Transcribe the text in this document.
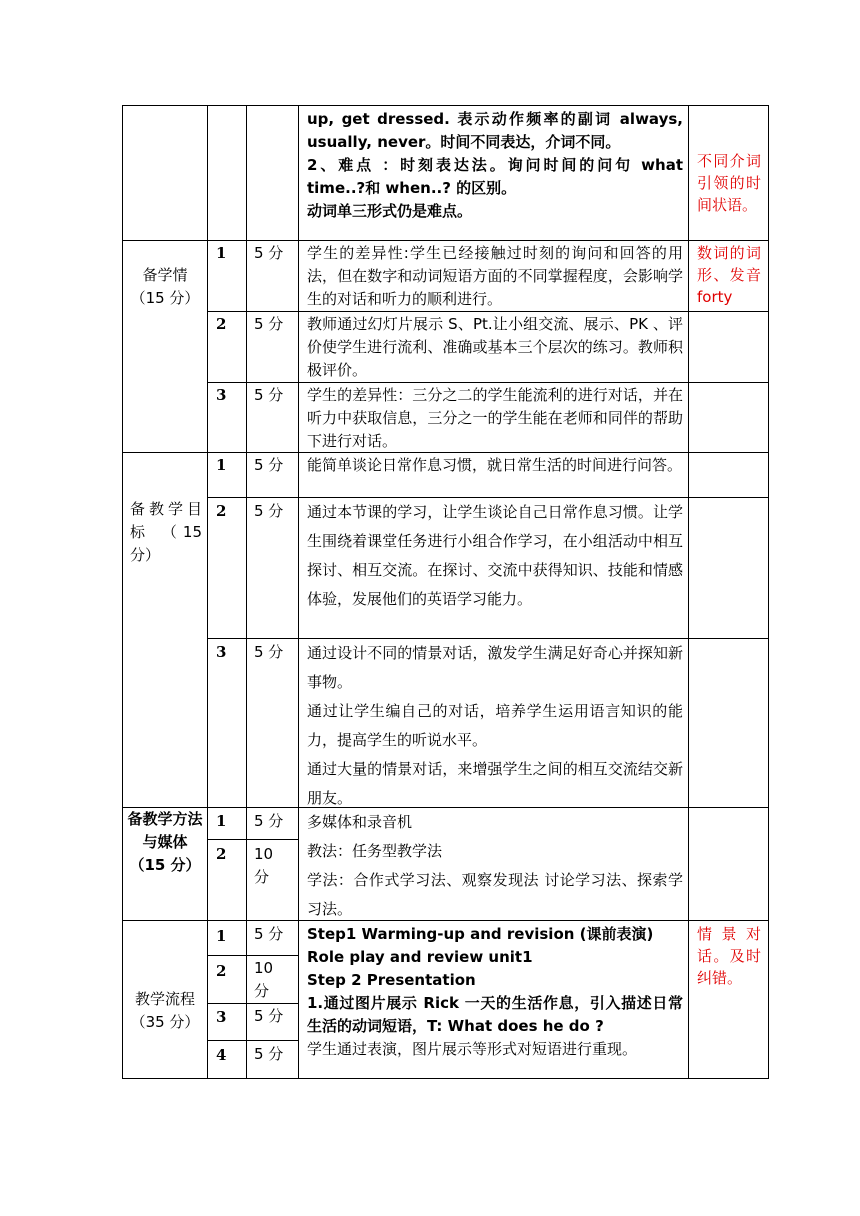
up, get dressed. 表示动作频率的副词 always, usually, never。时间不同表达，介词不同。

2、难点 ：时刻表达法。询问时间的问句 what time..?和 when..? 的区别。

动词单三形式仍是难点。

不同介词引领的时间状语。
备学情（15 分）
1 5 分 学生的差异性:学生已经接触过时刻的询问和回答的用法，但在数字和动词短语方面的不同掌握程度，会影响学生的对话和听力的顺利进行。
数词的词形、发音 forty
2 5 分 教师通过幻灯片展示 S、Pt.让小组交流、展示、PK 、评价使学生进行流利、准确或基本三个层次的练习。教师积极评价。
3 5 分 学生的差异性：三分之二的学生能流利的进行对话，并在听力中获取信息，三分之一的学生能在老师和同伴的帮助下进行对话。
备教学目标 （15 分）
1 5 分 能简单谈论日常作息习惯，就日常生活的时间进行问答。
2 5 分 通过本节课的学习，让学生谈论自己日常作息习惯。让学生围绕着课堂任务进行小组合作学习，在小组活动中相互探讨、相互交流。在探讨、交流中获得知识、技能和情感体验，发展他们的英语学习能力。
3 5 分 通过设计不同的情景对话，激发学生满足好奇心并探知新事物。

通过让学生编自己的对话，培养学生运用语言知识的能力，提高学生的听说水平。

通过大量的情景对话，来增强学生之间的相互交流结交新朋友。

备教学方法与媒体（15 分）
1 5 分
2 10 分

多媒体和录音机

教法：任务型教学法

学法：合作式学习法、观察发现法 讨论学习法、探索学习法。

教学流程（35 分）
1 5 分
2 10 分
3 5 分
4 5 分

Step1 Warming-up and revision (课前表演)

Role play and review unit1

Step 2 Presentation

1.通过图片展示 Rick 一天的生活作息，引入描述日常生活的动词短语，T: What does he do ?

学生通过表演，图片展示等形式对短语进行重现。

情景对话。及时纠错。
